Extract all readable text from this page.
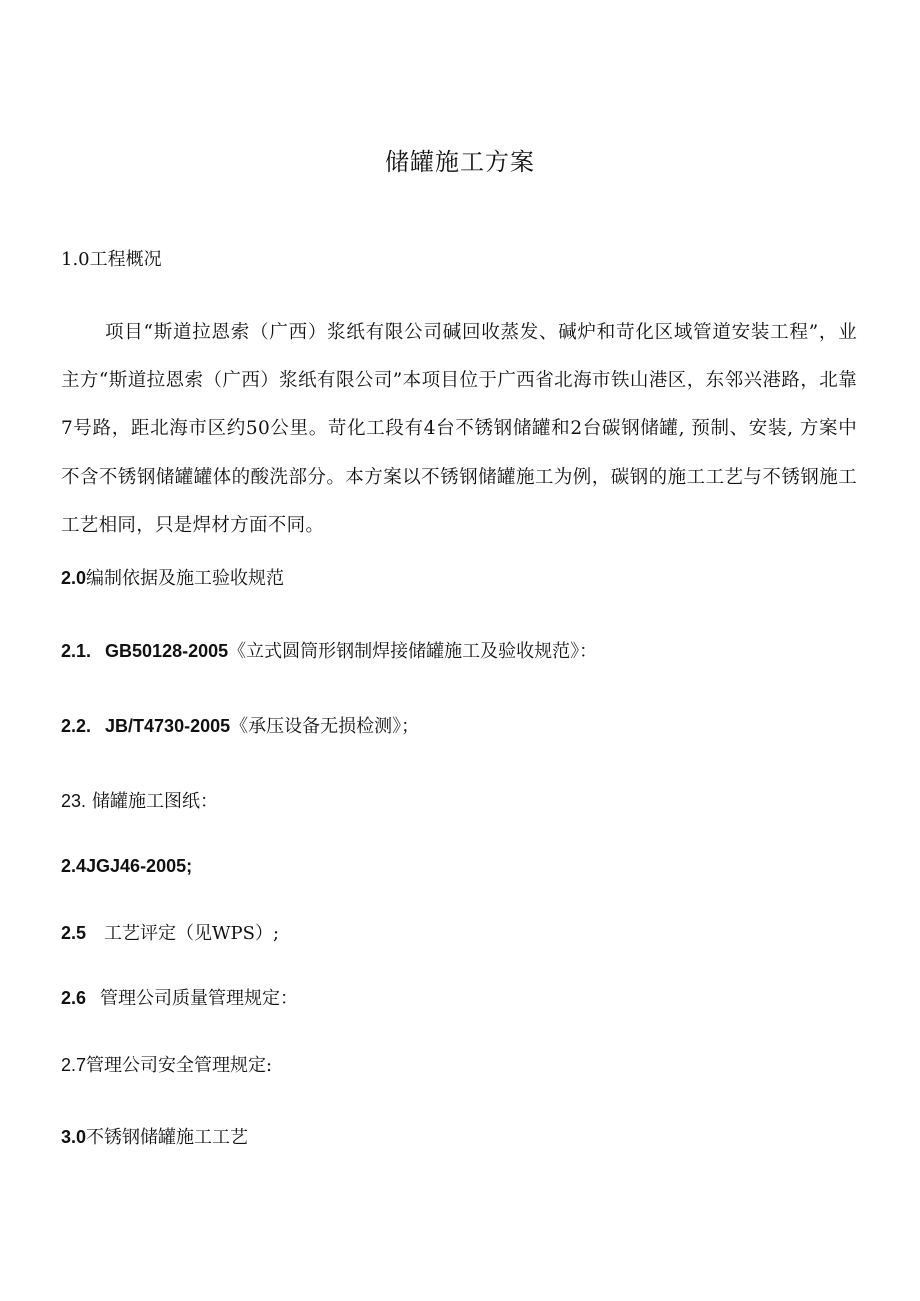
储罐施工方案
1.0工程概况
项目“斯道拉恩索（广西）浆纸有限公司碱回收蒸发、碱炉和苛化区域管道安装工程”，业主方“斯道拉恩索（广西）浆纸有限公司”本项目位于广西省北海市铁山港区，东邻兴港路，北靠7号路，距北海市区约50公里。苛化工段有4台不锈钢储罐和2台碳钢储罐, 预制、安装, 方案中不含不锈钢储罐罐体的酸洗部分。本方案以不锈钢储罐施工为例，碳钢的施工工艺与不锈钢施工工艺相同，只是焊材方面不同。
2.0编制依据及施工验收规范
2.1. GB50128-2005《立式圆筒形钢制焊接储罐施工及验收规范》：
2.2. JB/T4730-2005《承压设备无损检测》；
23. 储罐施工图纸：
2.4JGJ46-2005;
2.5 工艺评定（见WPS）;
2.6 管理公司质量管理规定：
2.7管理公司安全管理规定:
3.0不锈钢储罐施工工艺
